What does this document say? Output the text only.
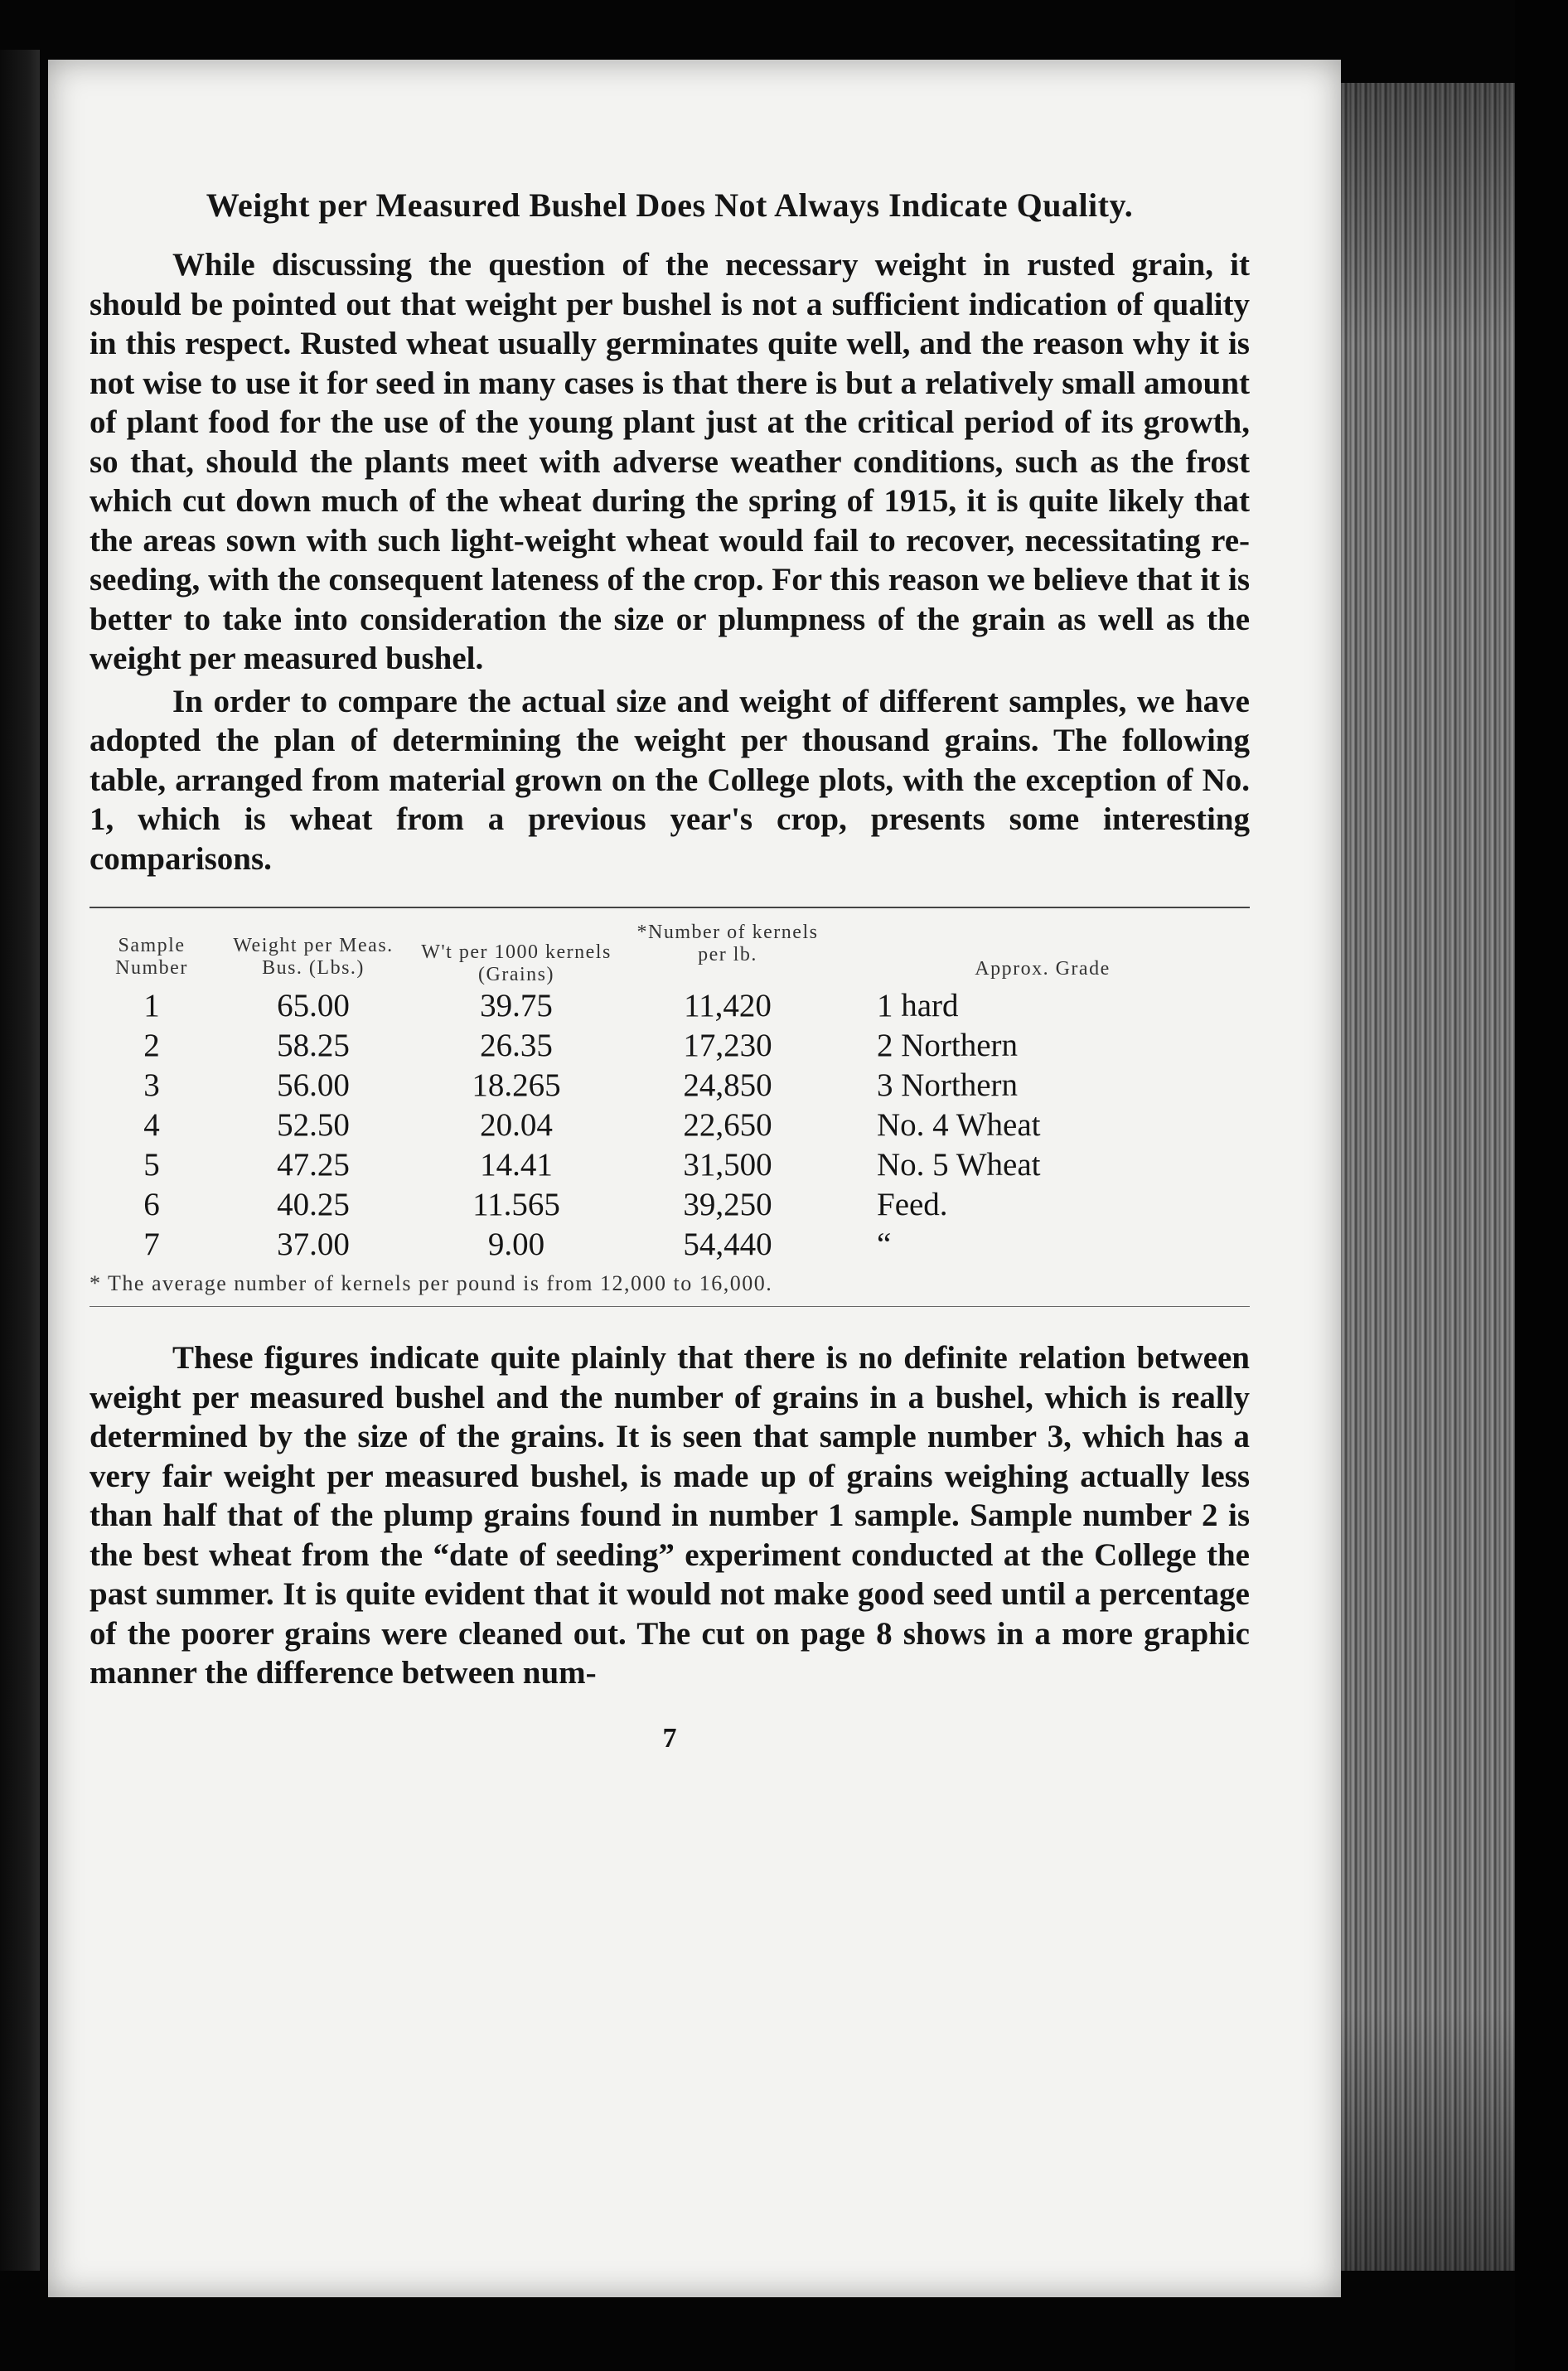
Weight per Measured Bushel Does Not Always Indicate Quality.

While discussing the question of the necessary weight in rusted grain, it should be pointed out that weight per bushel is not a sufficient indication of quality in this respect. Rusted wheat usually germinates quite well, and the reason why it is not wise to use it for seed in many cases is that there is but a relatively small amount of plant food for the use of the young plant just at the critical period of its growth, so that, should the plants meet with adverse weather conditions, such as the frost which cut down much of the wheat during the spring of 1915, it is quite likely that the areas sown with such light-weight wheat would fail to recover, necessitating re-seeding, with the consequent lateness of the crop. For this reason we believe that it is better to take into consideration the size or plumpness of the grain as well as the weight per measured bushel.

In order to compare the actual size and weight of different samples, we have adopted the plan of determining the weight per thousand grains. The following table, arranged from material grown on the College plots, with the exception of No. 1, which is wheat from a previous year's crop, presents some interesting comparisons.

Sample Number	Weight per Meas. Bus. (Lbs.)	W't per 1000 kernels (Grains)	*Number of kernels per lb.	Approx. Grade
1	65.00	39.75	11,420	1 hard
2	58.25	26.35	17,230	2 Northern
3	56.00	18.265	24,850	3 Northern
4	52.50	20.04	22,650	No. 4 Wheat
5	47.25	14.41	31,500	No. 5 Wheat
6	40.25	11.565	39,250	Feed.
7	37.00	9.00	54,440	“
* The average number of kernels per pound is from 12,000 to 16,000.

These figures indicate quite plainly that there is no definite relation between weight per measured bushel and the number of grains in a bushel, which is really determined by the size of the grains. It is seen that sample number 3, which has a very fair weight per measured bushel, is made up of grains weighing actually less than half that of the plump grains found in number 1 sample. Sample number 2 is the best wheat from the “date of seeding” experiment conducted at the College the past summer. It is quite evident that it would not make good seed until a percentage of the poorer grains were cleaned out. The cut on page 8 shows in a more graphic manner the difference between num-

7
